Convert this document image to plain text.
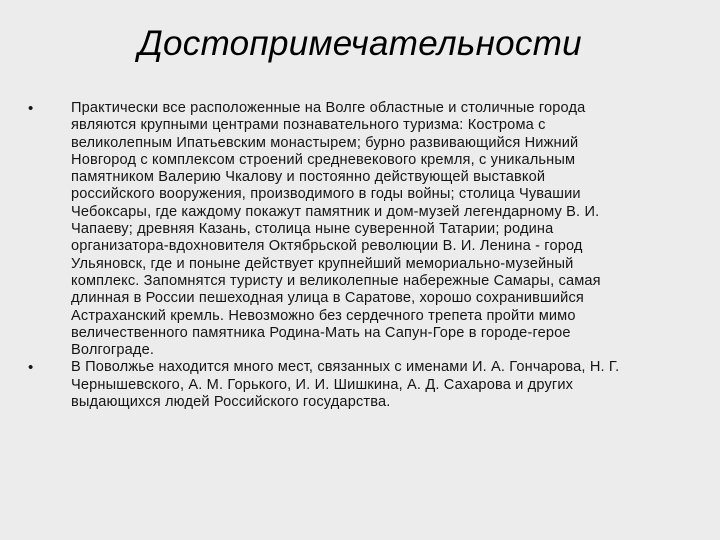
Достопримечательности
•	Практически все расположенные на Волге областные и столичные города являются крупными центрами познавательного туризма: Кострома с великолепным Ипатьевским монастырем; бурно развивающийся Нижний Новгород с комплексом строений средневекового кремля, с уникальным памятником Валерию Чкалову и постоянно действующей выставкой российского вооружения, производимого в годы войны; столица Чувашии Чебоксары, где каждому покажут памятник и дом-музей легендарному В. И. Чапаеву; древняя Казань, столица ныне суверенной Татарии; родина организатора-вдохновителя Октябрьской революции В. И. Ленина - город Ульяновск, где и поныне действует крупнейший мемориально-музейный комплекс. Запомнятся туристу и великолепные набережные Самары, самая длинная в России пешеходная улица в Саратове, хорошо сохранившийся Астраханский кремль. Невозможно без сердечного трепета пройти мимо величественного памятника Родина-Мать на Сапун-Горе в городе-герое Волгограде.
•	В Поволжье находится много мест, связанных с именами И. А. Гончарова, Н. Г. Чернышевского, А. М. Горького, И. И. Шишкина, А. Д. Сахарова и других выдающихся людей Российского государства.
